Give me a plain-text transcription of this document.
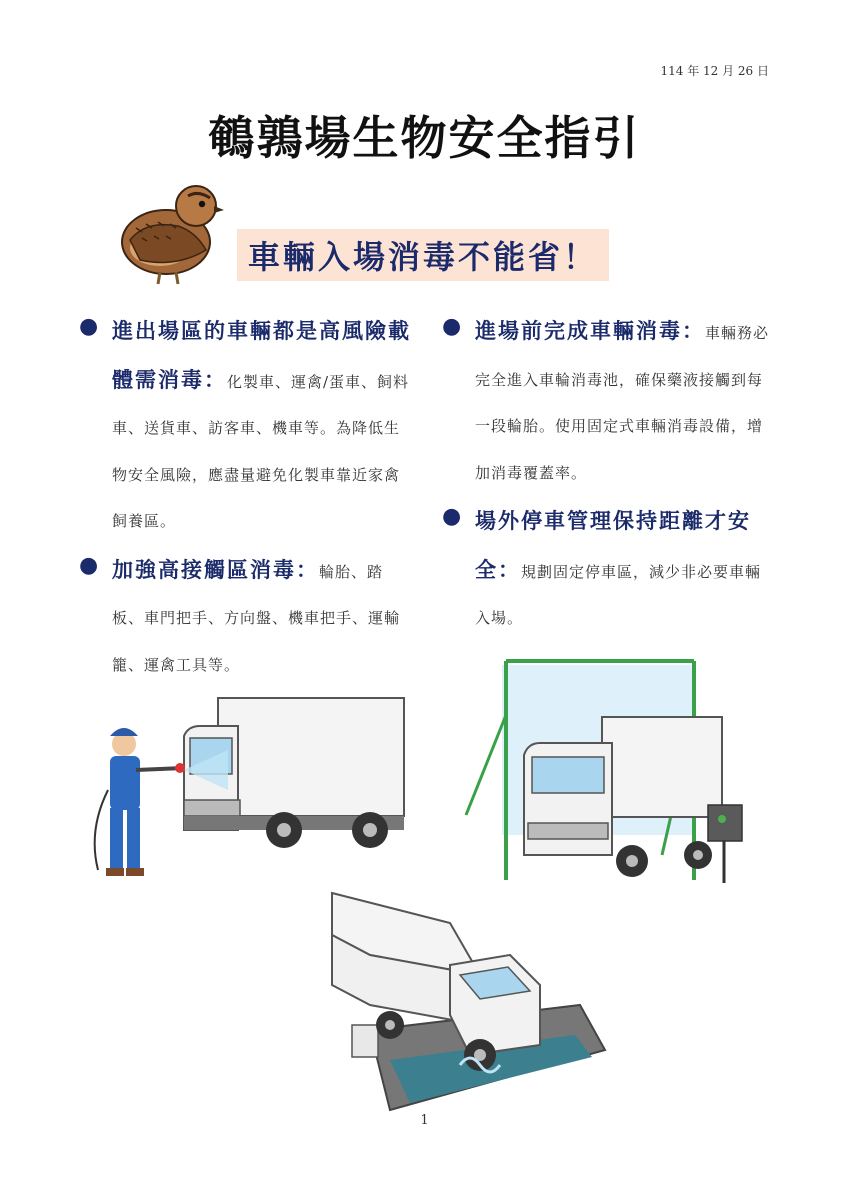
114 年 12 月 26 日
鵪鶉場生物安全指引
車輛入場消毒不能省！
● 進出場區的車輛都是高風險載體需消毒：化製車、運禽/蛋車、飼料車、送貨車、訪客車、機車等。為降低生物安全風險，應盡量避免化製車靠近家禽飼養區。
● 加強高接觸區消毒：輪胎、踏板、車門把手、方向盤、機車把手、運輸籠、運禽工具等。
● 進場前完成車輛消毒：車輛務必完全進入車輪消毒池，確保藥液接觸到每一段輪胎。使用固定式車輛消毒設備，增加消毒覆蓋率。
● 場外停車管理保持距離才安全：規劃固定停車區，減少非必要車輛入場。
1
